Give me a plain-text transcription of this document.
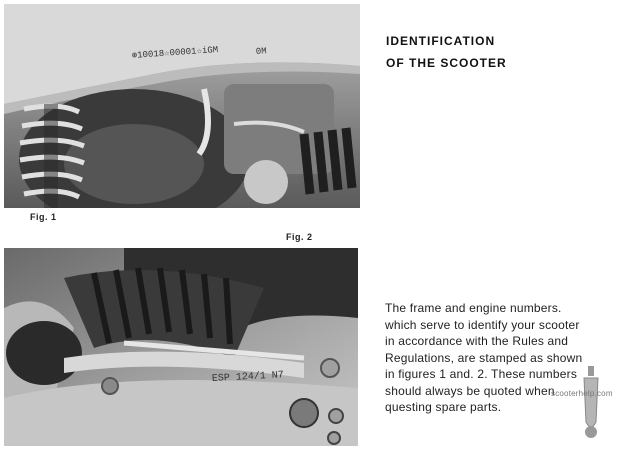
⊕10018☆00001☆iGM	0M
Fig. 1
Fig. 2
ESP 124/1 N7
IDENTIFICATION
OF THE SCOOTER
The frame and engine numbers.
which serve to identify your scooter
in accordance with the Rules and
Regulations, are stamped as shown
in figures 1 and. 2. These numbers
should always be quoted when
questing spare parts.
scooterhelp.com
